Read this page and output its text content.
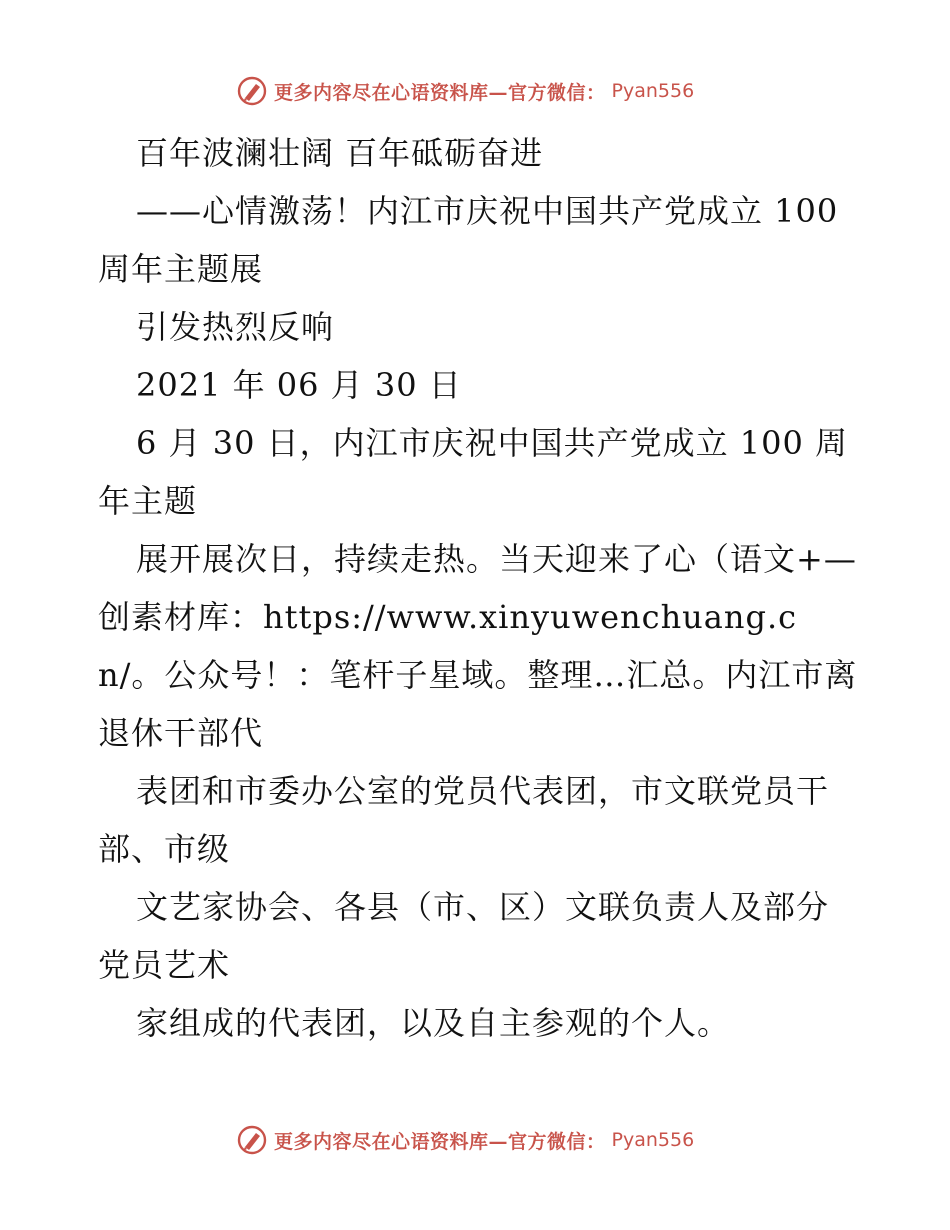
更多内容尽在心语资料库—官方微信： Pyan556

百年波澜壮阔 百年砥砺奋进

——心情激荡！内江市庆祝中国共产党成立 100 周年主题展

引发热烈反响

2021 年 06 月 30 日

6 月 30 日，内江市庆祝中国共产党成立 100 周年主题

展开展次日，持续走热。当天迎来了心（语文+—创素材库：https://www.xinyuwenchuang.cn/。公众号！：笔杆子星域。整理…汇总。内江市离退休干部代

表团和市委办公室的党员代表团，市文联党员干部、市级

文艺家协会、各县（市、区）文联负责人及部分党员艺术

家组成的代表团，以及自主参观的个人。

更多内容尽在心语资料库—官方微信： Pyan556
